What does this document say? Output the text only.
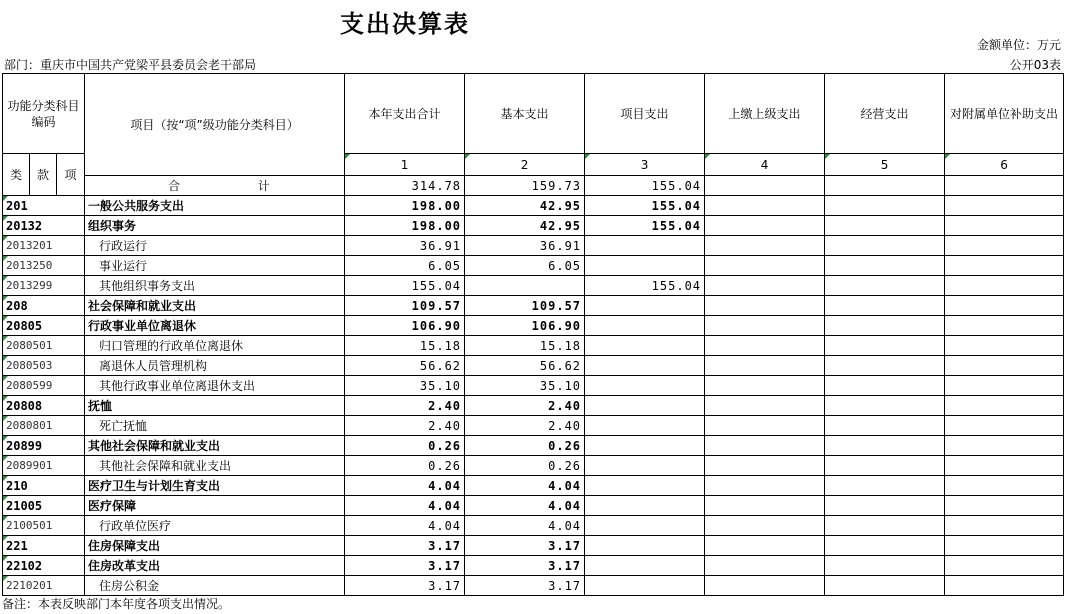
支出决算表
金额单位：万元
部门：重庆市中国共产党梁平县委员会老干部局	公开03表
功能分类科目编码			项目（按“项”级功能分类科目）	本年支出合计	基本支出	项目支出	上缴上级支出	经营支出	对附属单位补助支出
类	款	项		1	2	3	4	5	6
			合 计	314.78	159.73	155.04			
201			一般公共服务支出	198.00	42.95	155.04			
20132			组织事务	198.00	42.95	155.04			
2013201			行政运行	36.91	36.91				
2013250			事业运行	6.05	6.05				
2013299			其他组织事务支出	155.04		155.04			
208			社会保障和就业支出	109.57	109.57				
20805			行政事业单位离退休	106.90	106.90				
2080501			归口管理的行政单位离退休	15.18	15.18				
2080503			离退休人员管理机构	56.62	56.62				
2080599			其他行政事业单位离退休支出	35.10	35.10				
20808			抚恤	2.40	2.40				
2080801			死亡抚恤	2.40	2.40				
20899			其他社会保障和就业支出	0.26	0.26				
2089901			其他社会保障和就业支出	0.26	0.26				
210			医疗卫生与计划生育支出	4.04	4.04				
21005			医疗保障	4.04	4.04				
2100501			行政单位医疗	4.04	4.04				
221			住房保障支出	3.17	3.17				
22102			住房改革支出	3.17	3.17				
2210201			住房公积金	3.17	3.17				
备注：本表反映部门本年度各项支出情况。
